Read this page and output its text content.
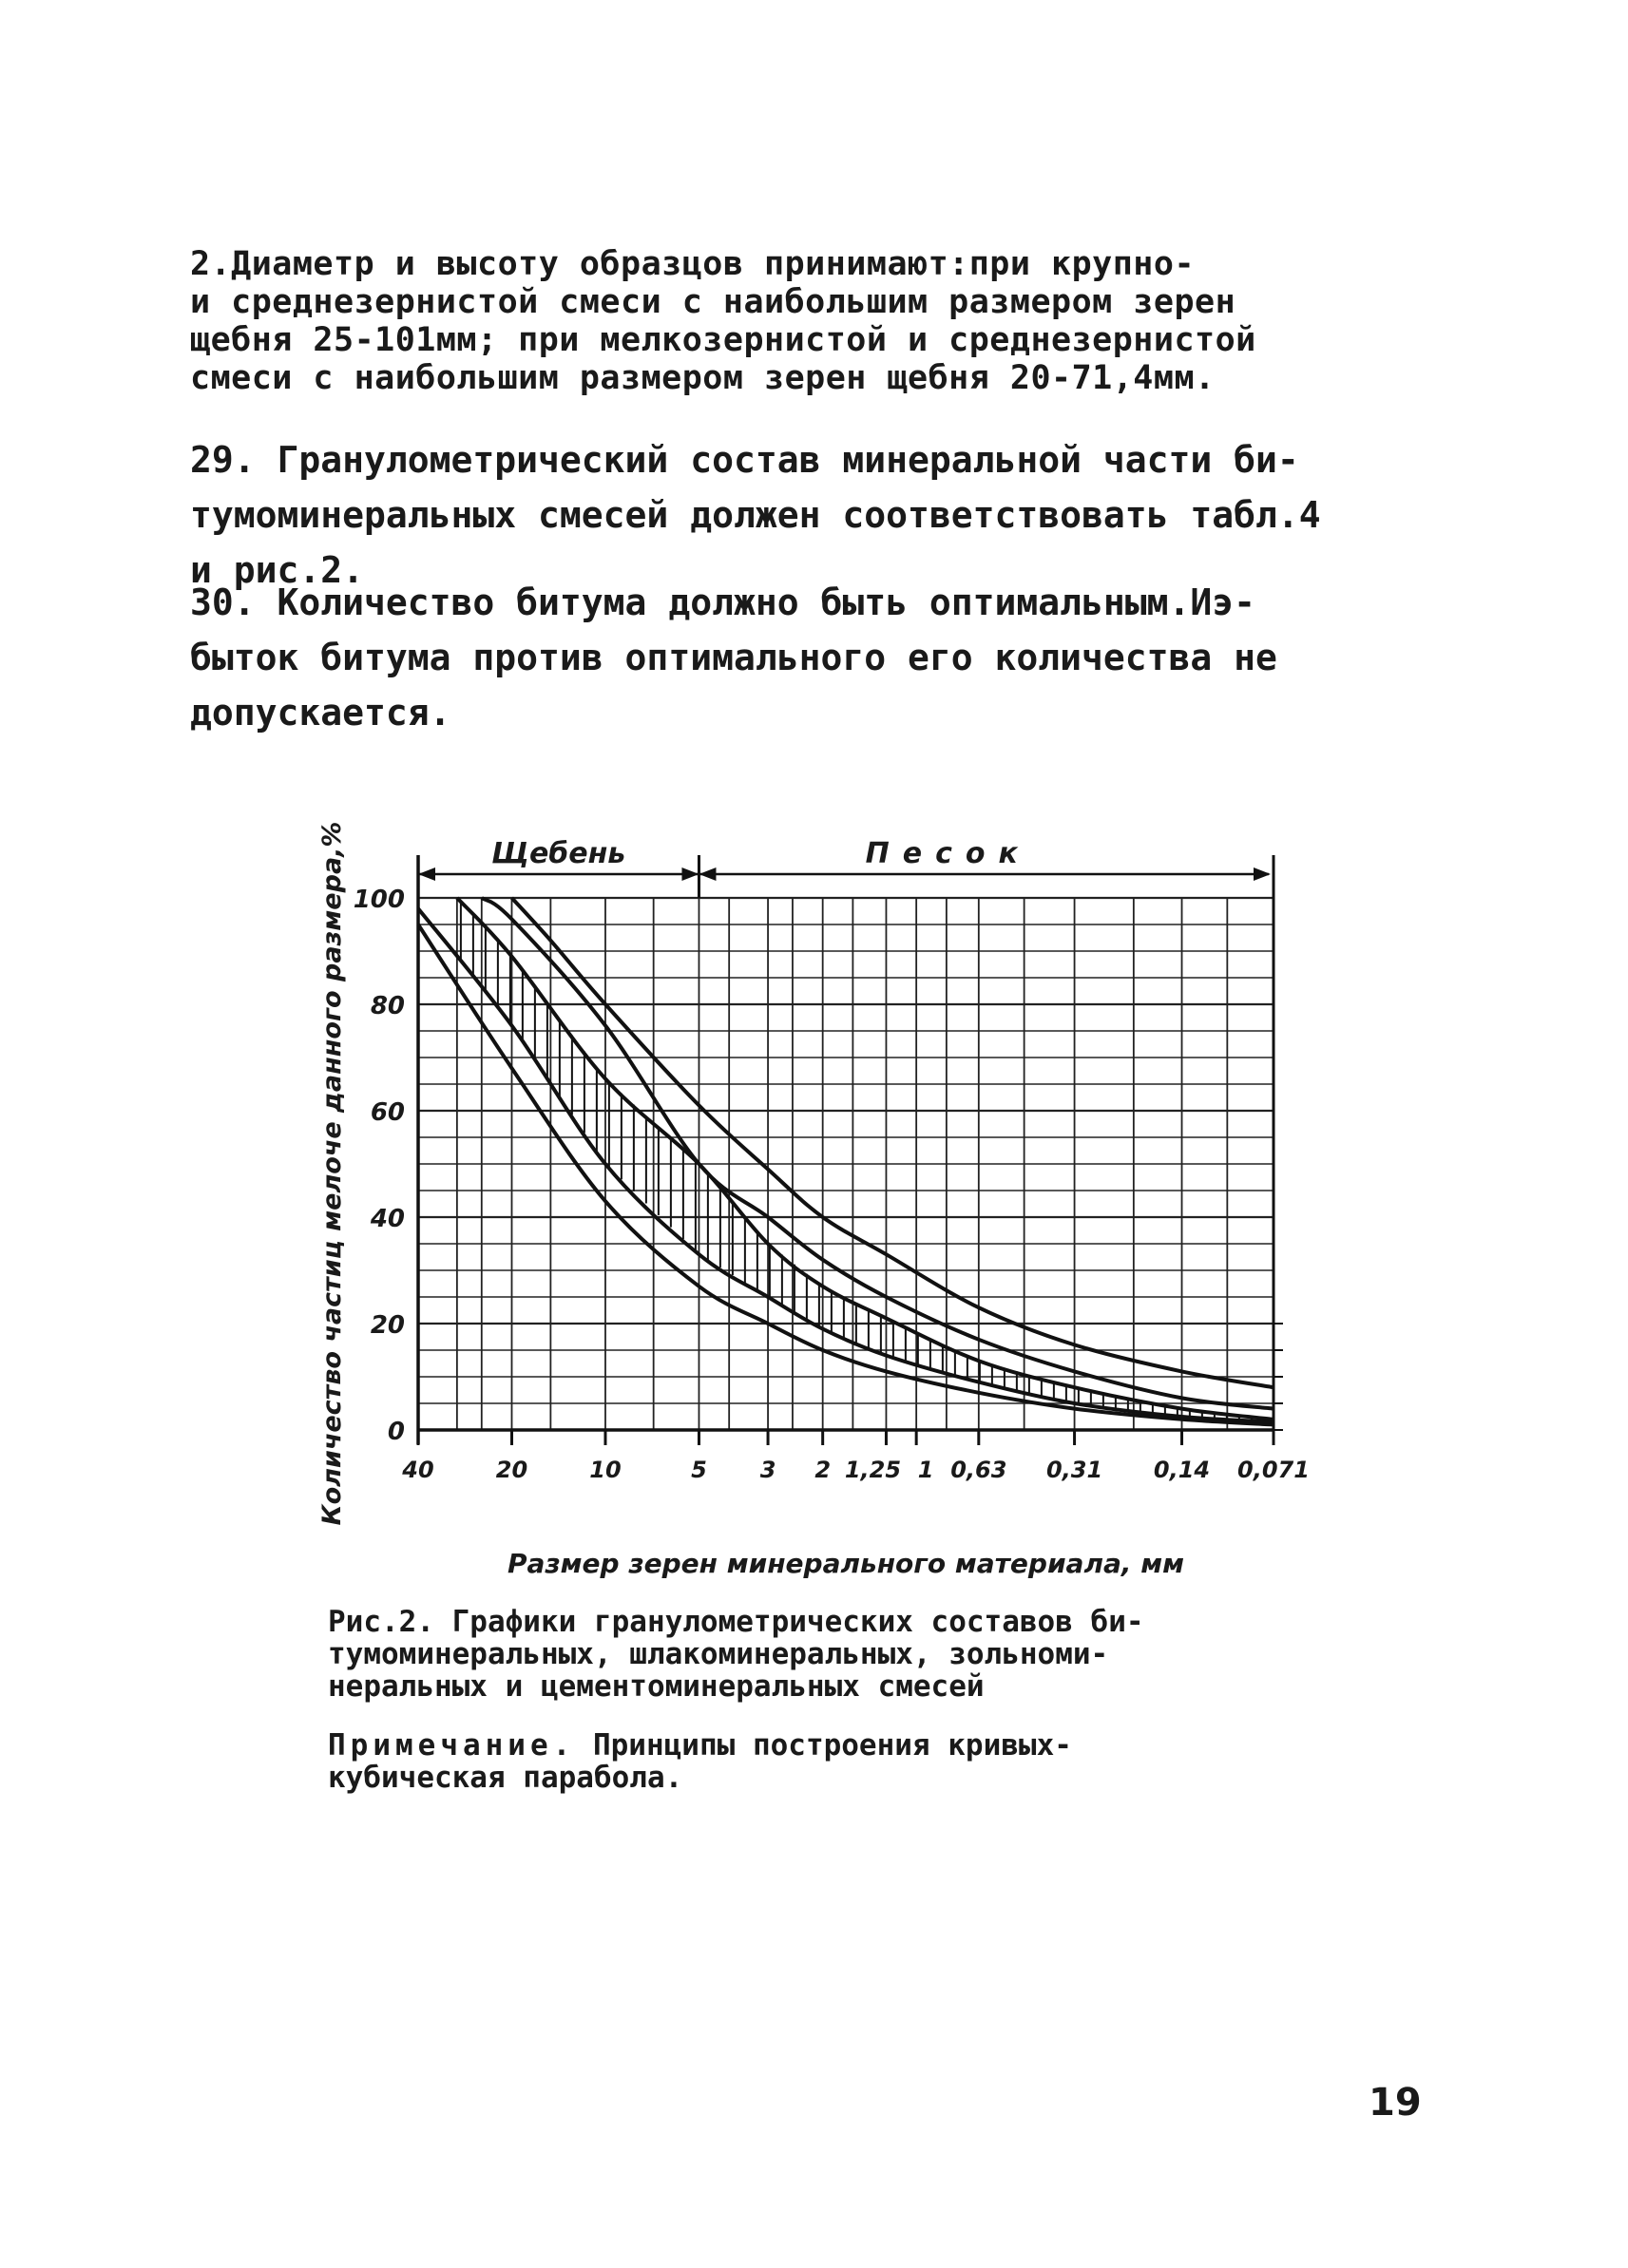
2.Диаметр и высоту образцов принимают:при крупно-
и среднезернистой смеси с наибольшим размером зерен
щебня 25-101мм; при мелкозернистой и среднезернистой
смеси с наибольшим размером зерен щебня 20-71,4мм.
29. Гранулометрический состав минеральной части би-
тумоминеральных смесей должен соответствовать табл.4
и рис.2.
30. Количество битума должно быть оптимальным.Иэ-
быток битума против оптимального его количества не
допускается.
Щебень	Песок
0
20
40
60
80
100
40	20	10	5 3 2 1,25 1 0,63 0,31 0,14 0,071
Количество частиц мелоче данного размера,%
Размер зерен минерального материала, мм
Рис.2. Графики гранулометрических составов би-
тумоминеральных, шлакоминеральных, зольноми-
неральных и цементоминеральных смесей
Примечание. Принципы построения кривых-
кубическая парабола.
19
